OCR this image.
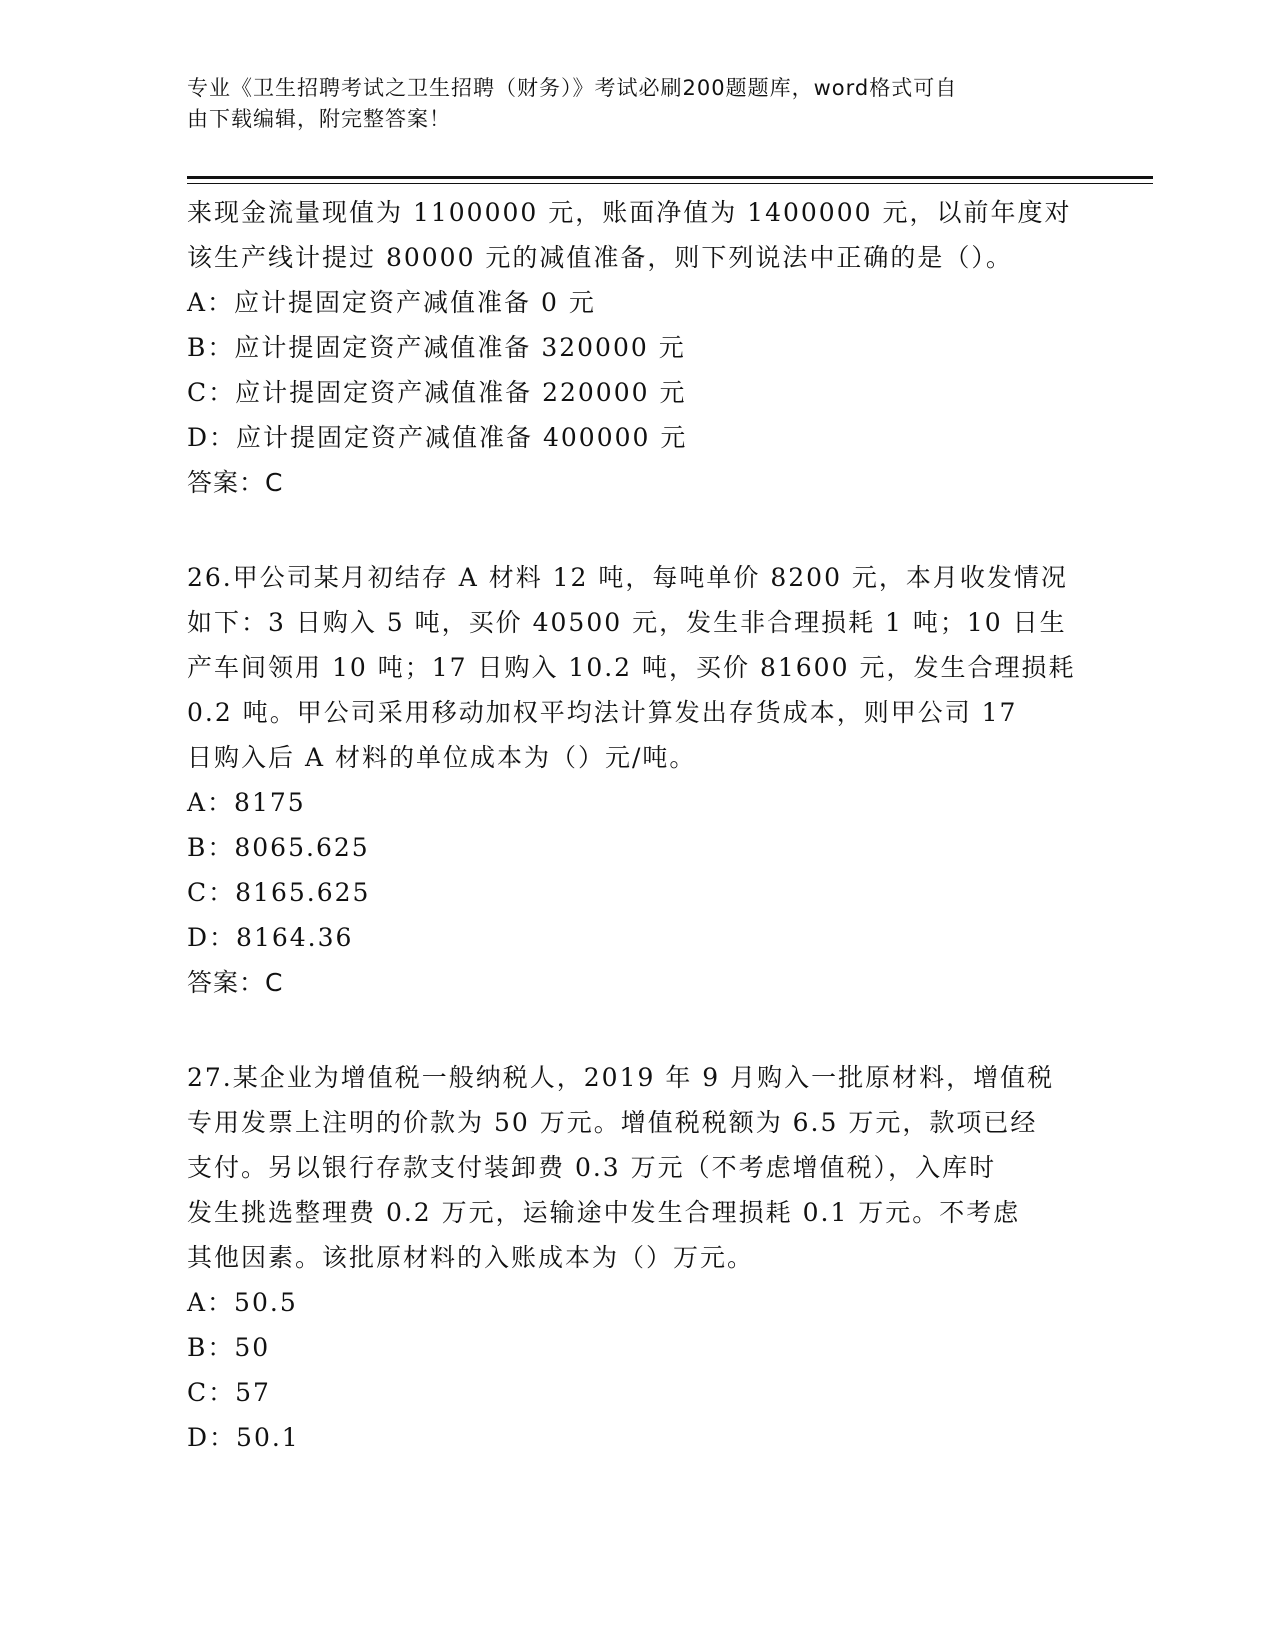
专业《卫生招聘考试之卫生招聘（财务）》考试必刷200题题库，word格式可自
由下载编辑，附完整答案！
来现金流量现值为 1100000 元，账面净值为 1400000 元，以前年度对
该生产线计提过 80000 元的减值准备，则下列说法中正确的是（）。
A：应计提固定资产减值准备 0 元
B：应计提固定资产减值准备 320000 元
C：应计提固定资产减值准备 220000 元
D：应计提固定资产减值准备 400000 元
答案：C
26.甲公司某月初结存 A 材料 12 吨，每吨单价 8200 元，本月收发情况
如下：3 日购入 5 吨，买价 40500 元，发生非合理损耗 1 吨；10 日生
产车间领用 10 吨；17 日购入 10.2 吨，买价 81600 元，发生合理损耗
0.2 吨。甲公司采用移动加权平均法计算发出存货成本，则甲公司 17
日购入后 A 材料的单位成本为（）元/吨。
A：8175
B：8065.625
C：8165.625
D：8164.36
答案：C
27.某企业为增值税一般纳税人，2019 年 9 月购入一批原材料，增值税
专用发票上注明的价款为 50 万元。增值税税额为 6.5 万元，款项已经
支付。另以银行存款支付装卸费 0.3 万元（不考虑增值税），入库时
发生挑选整理费 0.2 万元，运输途中发生合理损耗 0.1 万元。不考虑
其他因素。该批原材料的入账成本为（）万元。
A：50.5
B：50
C：57
D：50.1
